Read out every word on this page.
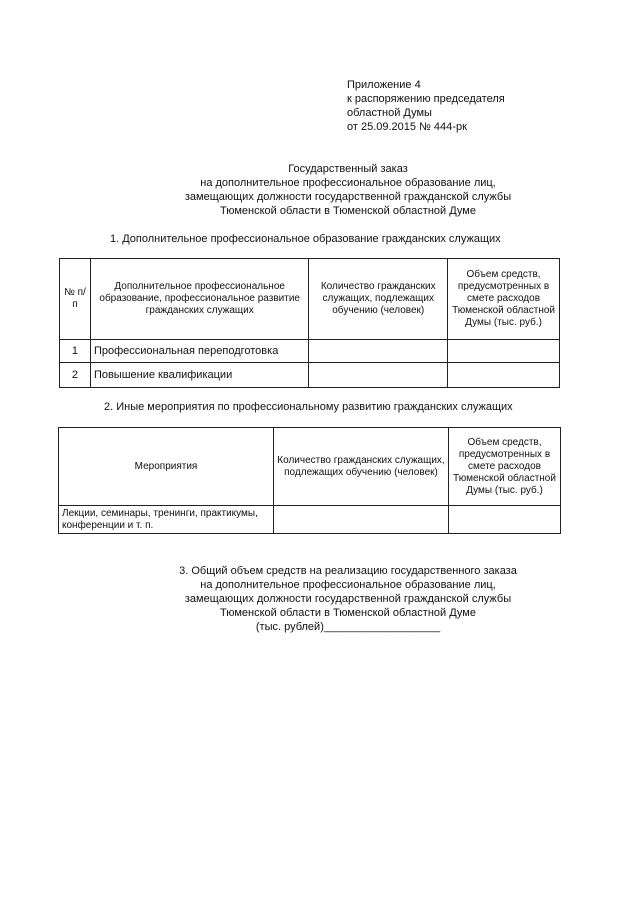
Приложение 4
к распоряжению председателя
областной Думы
от 25.09.2015 № 444-рк
Государственный заказ
на дополнительное профессиональное образование лиц,
замещающих должности государственной гражданской службы
Тюменской области в Тюменской областной Думе
1. Дополнительное профессиональное образование гражданских служащих
№ п/п	Дополнительное профессиональное образование, профессиональное развитие гражданских служащих	Количество гражданских служащих, подлежащих обучению (человек)	Объем средств, предусмотренных в смете расходов Тюменской областной Думы (тыс. руб.)
1	Профессиональная переподготовка		
2	Повышение квалификации		
2. Иные мероприятия по профессиональному развитию гражданских служащих
Мероприятия	Количество гражданских служащих, подлежащих обучению (человек)	Объем средств, предусмотренных в смете расходов Тюменской областной Думы (тыс. руб.)
Лекции, семинары, тренинги, практикумы, конференции и т. п.		
3. Общий объем средств на реализацию государственного заказа
на дополнительное профессиональное образование лиц,
замещающих должности государственной гражданской службы
Тюменской области в Тюменской областной Думе
(тыс. рублей)___________________
